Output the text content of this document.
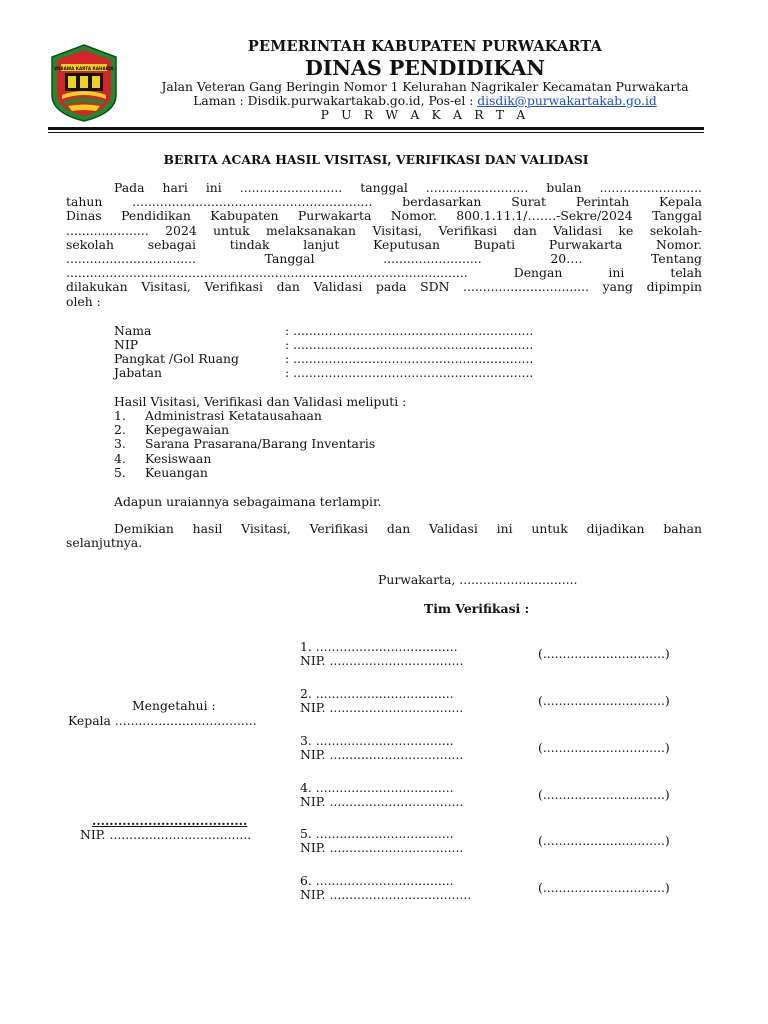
WIBAWA KARTA RAHARJA
PEMERINTAH KABUPATEN PURWAKARTA
DINAS PENDIDIKAN
Jalan Veteran Gang Beringin Nomor 1 Kelurahan Nagrikaler Kecamatan Purwakarta
Laman : Disdik.purwakartakab.go.id, Pos-el : disdik@purwakartakab.go.id
P U R W A K A R T A
BERITA ACARA HASIL VISITASI, VERIFIKASI DAN VALIDASI
Pada hari ini .......................... tanggal .......................... bulan ..........................
tahun ............................................................. berdasarkan Surat Perintah Kepala
Dinas Pendidikan Kabupaten Purwakarta Nomor. 800.1.11.1/…….-Sekre/2024 Tanggal
..................... 2024 untuk melaksanakan Visitasi, Verifikasi dan Validasi ke sekolah-
sekolah sebagai tindak lanjut Keputusan Bupati Purwakarta Nomor.
................................. Tanggal ......................... 20…. Tentang
...................................................................................................... Dengan ini telah
dilakukan Visitasi, Verifikasi dan Validasi pada SDN ................................ yang dipimpin
oleh :
Nama	: .............................................................
NIP	: .............................................................
Pangkat /Gol Ruang	: .............................................................
Jabatan	: .............................................................
Hasil Visitasi, Verifikasi dan Validasi meliputi :
1. Administrasi Ketatausahaan
2. Kepegawaian
3. Sarana Prasarana/Barang Inventaris
4. Kesiswaan
5. Keuangan
Adapun uraiannya sebagaimana terlampir.
Demikian hasil Visitasi, Verifikasi dan Validasi ini untuk dijadikan bahan
selanjutnya.
Purwakarta, ..............................
Tim Verifikasi :
Mengetahui :
Kepala ....................................
....................................
NIP. ....................................
1. ....................................
NIP. ..................................	(...............................)
2. ...................................
NIP. ..................................	(...............................)
3. ...................................
NIP. ..................................	(...............................)
4. ...................................
NIP. ..................................	(...............................)
5. ...................................
NIP. ..................................	(...............................)
6. ...................................
NIP. ....................................	(...............................)
